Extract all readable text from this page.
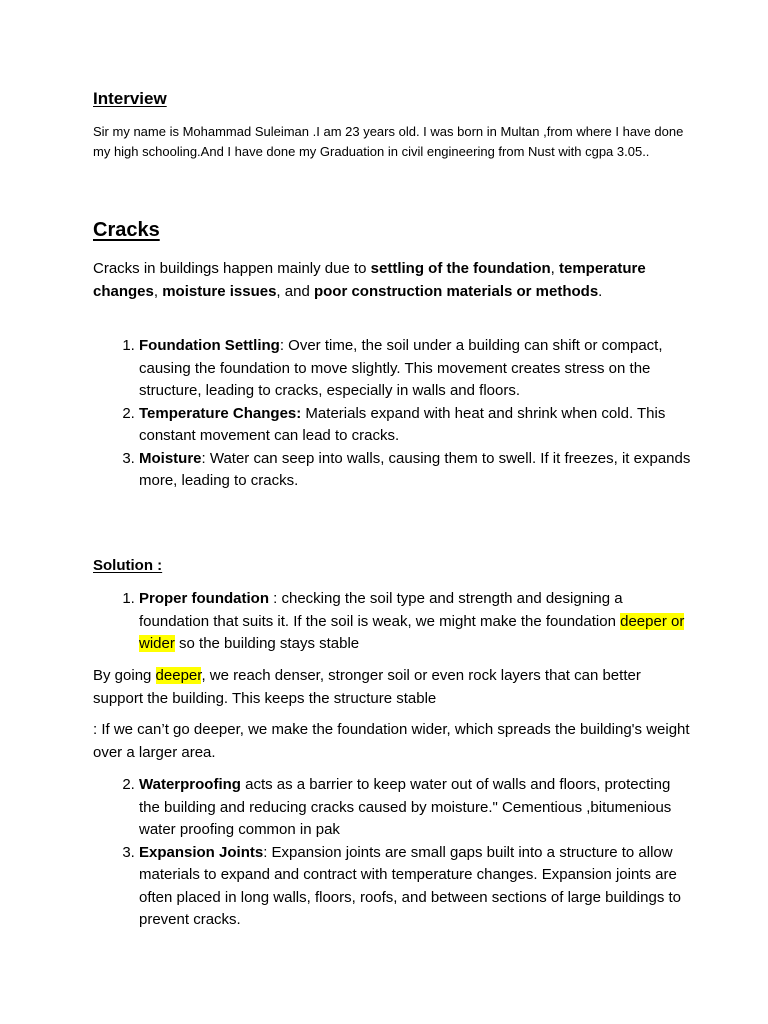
Interview
Sir my name is Mohammad Suleiman .I am 23 years old. I was born in Multan ,from where I have done my high schooling.And I have done my Graduation in civil engineering from Nust with cgpa 3.05..
Cracks
Cracks in buildings happen mainly due to settling of the foundation, temperature changes, moisture issues, and poor construction materials or methods.
1. Foundation Settling: Over time, the soil under a building can shift or compact, causing the foundation to move slightly. This movement creates stress on the structure, leading to cracks, especially in walls and floors.
2. Temperature Changes: Materials expand with heat and shrink when cold. This constant movement can lead to cracks.
3. Moisture: Water can seep into walls, causing them to swell. If it freezes, it expands more, leading to cracks.
Solution :
1. Proper foundation : checking the soil type and strength and designing a foundation that suits it. If the soil is weak, we might make the foundation deeper or wider so the building stays stable
By going deeper, we reach denser, stronger soil or even rock layers that can better support the building. This keeps the structure stable
: If we can’t go deeper, we make the foundation wider, which spreads the building's weight over a larger area.
2. Waterproofing acts as a barrier to keep water out of walls and floors, protecting the building and reducing cracks caused by moisture." Cementious ,bitumenious water proofing common in pak
3. Expansion Joints: Expansion joints are small gaps built into a structure to allow materials to expand and contract with temperature changes. Expansion joints are often placed in long walls, floors, roofs, and between sections of large buildings to prevent cracks.
